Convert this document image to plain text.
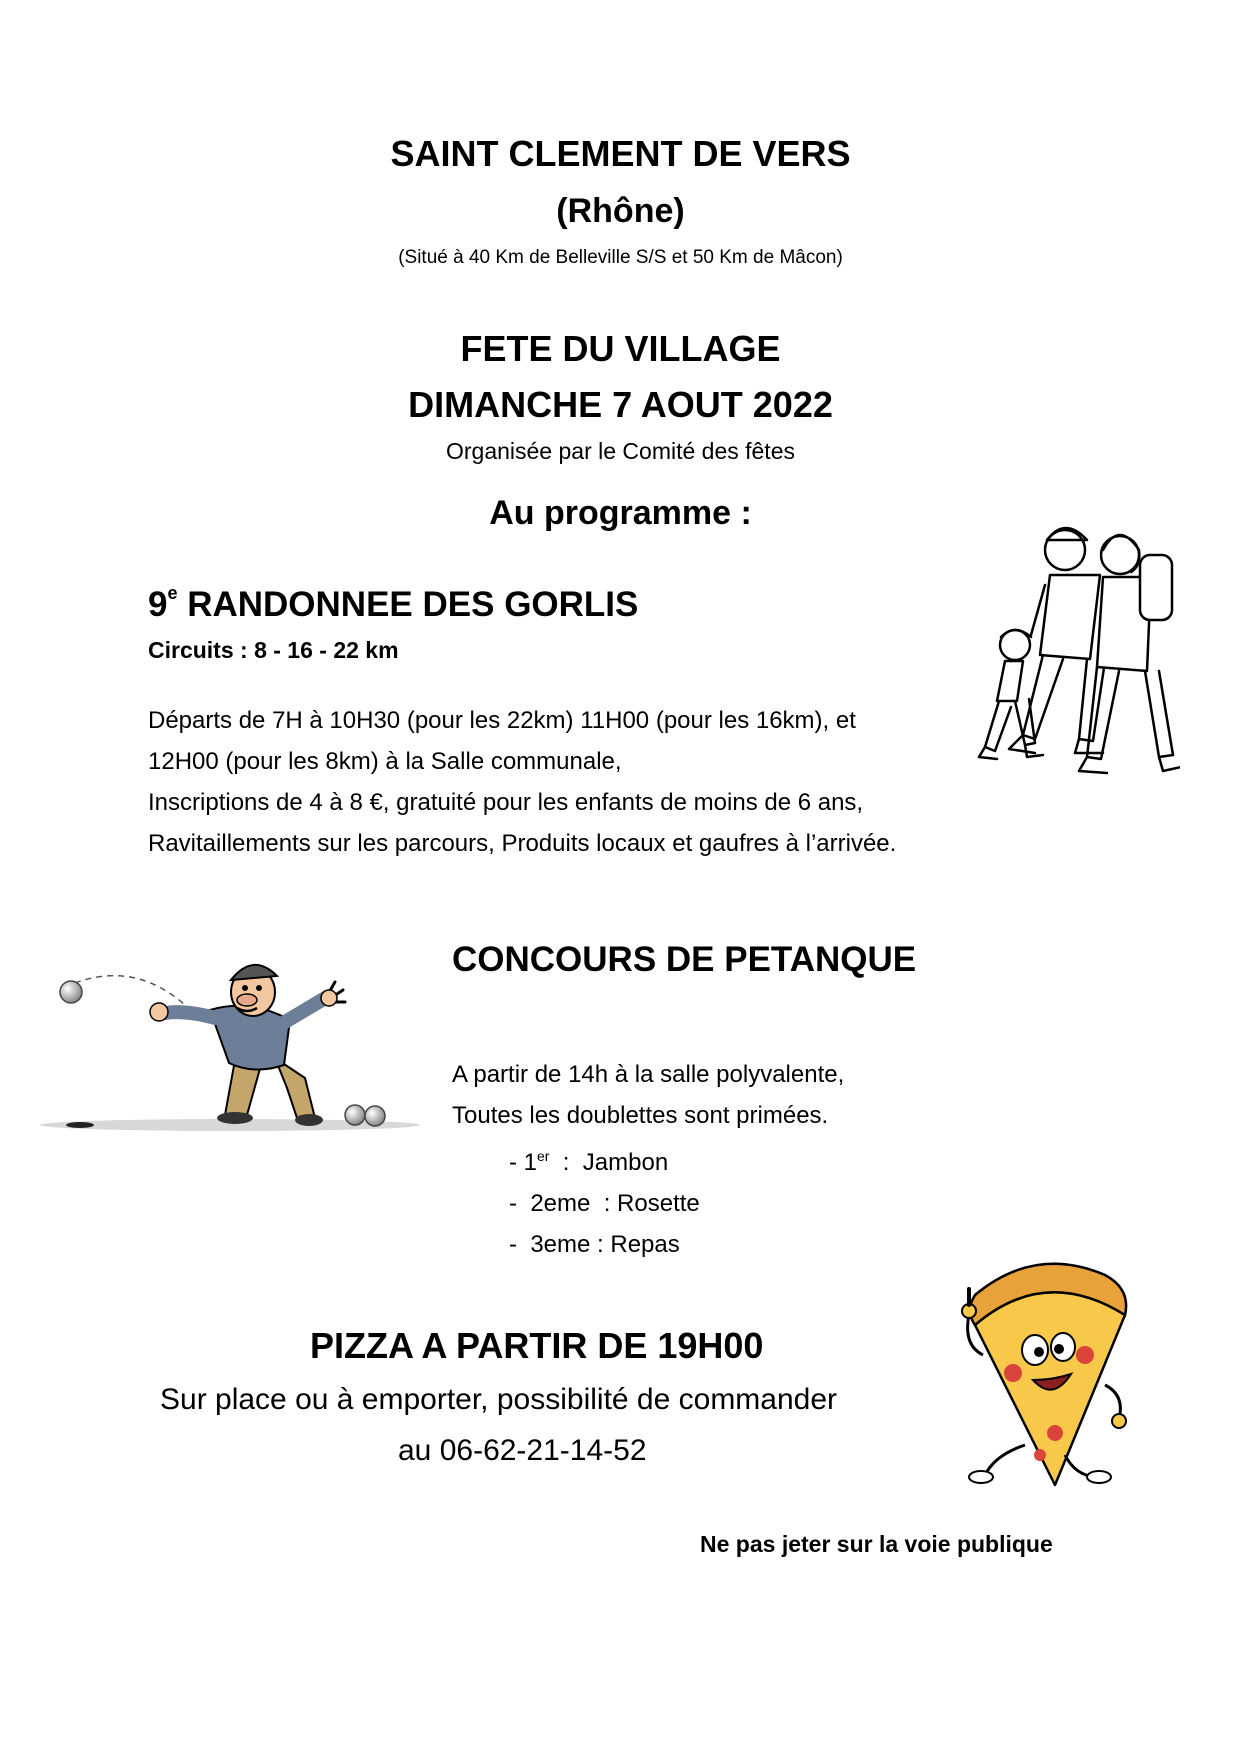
SAINT CLEMENT DE VERS
(Rhône)
(Situé à 40 Km de Belleville S/S et 50 Km de Mâcon)
FETE DU VILLAGE
DIMANCHE 7 AOUT 2022
Organisée par le Comité des fêtes
Au programme :
9e RANDONNEE DES GORLIS
Circuits : 8 - 16 - 22 km
Départs de 7H à 10H30 (pour les 22km) 11H00 (pour les 16km), et
12H00 (pour les 8km) à la Salle communale,
Inscriptions de 4 à 8 €, gratuité pour les enfants de moins de 6 ans,
Ravitaillements sur les parcours, Produits locaux et gaufres à l’arrivée.
CONCOURS DE PETANQUE
A partir de 14h à la salle polyvalente,
Toutes les doublettes sont primées.
- 1er  :  Jambon
-  2eme  : Rosette
-  3eme : Repas
PIZZA A PARTIR DE 19H00
Sur place ou à emporter, possibilité de commander
au 06-62-21-14-52
Ne pas jeter sur la voie publique
